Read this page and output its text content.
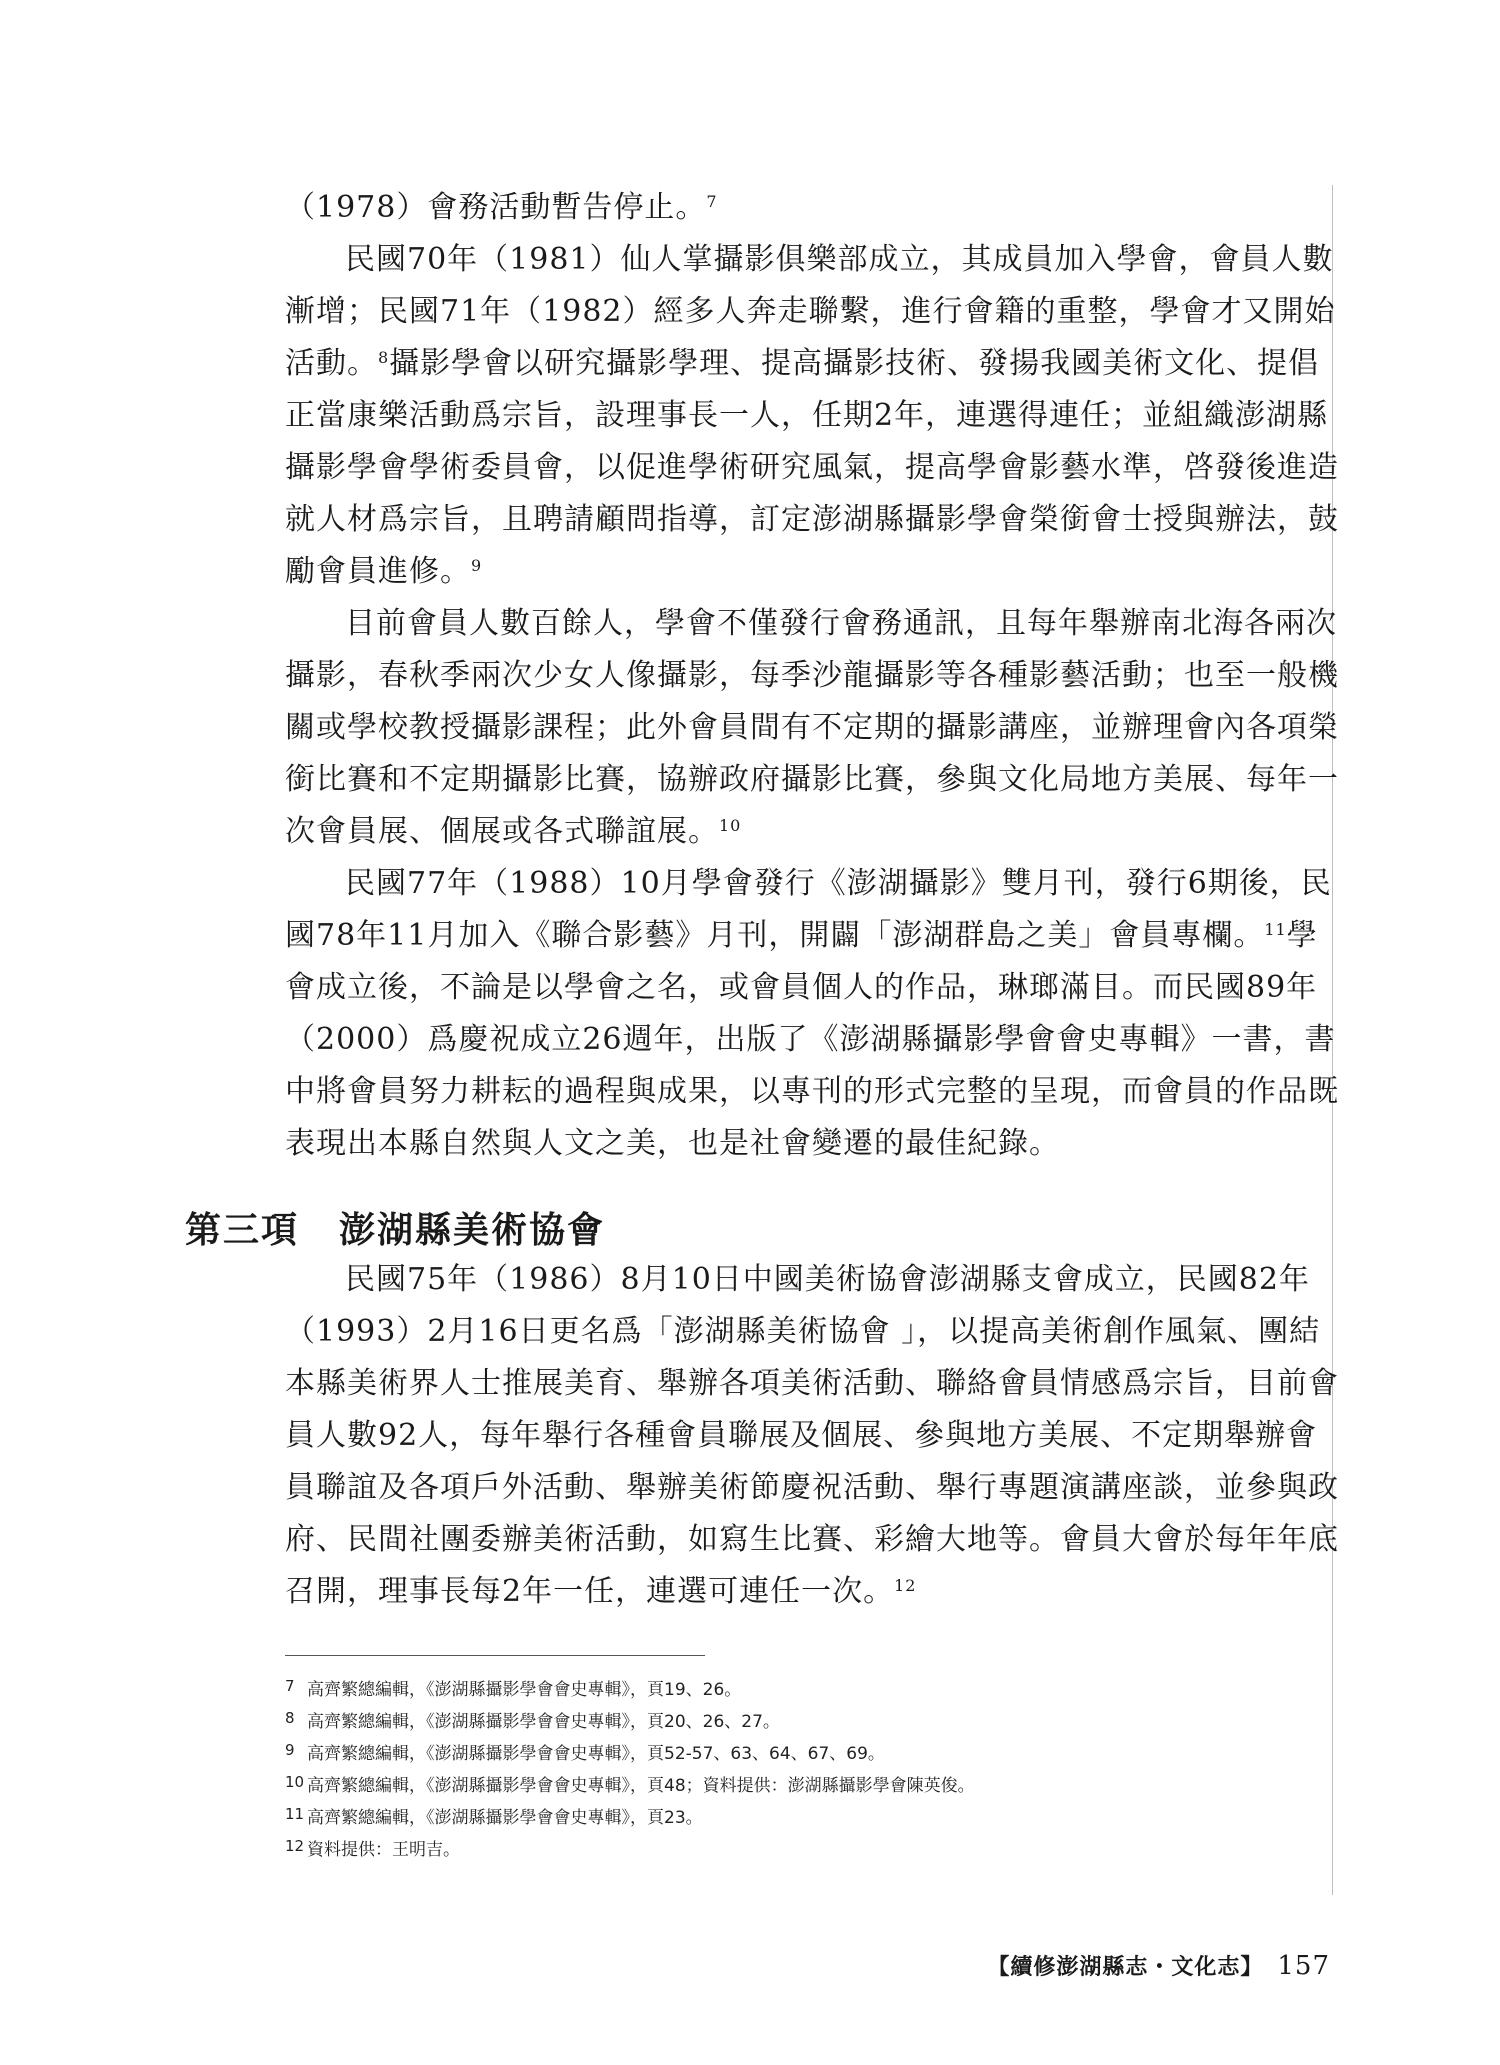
（1978）會務活動暫告停止。$^7$
民國70年（1981）仙人掌攝影俱樂部成立，其成員加入學會，會員人數
漸增；民國71年（1982）經多人奔走聯繫，進行會籍的重整，學會才又開始
活動。$^8$攝影學會以研究攝影學理、提高攝影技術、發揚我國美術文化、提倡
正當康樂活動爲宗旨，設理事長一人，任期2年，連選得連任；並組織澎湖縣
攝影學會學術委員會，以促進學術研究風氣，提高學會影藝水準，啓發後進造
就人材爲宗旨，且聘請顧問指導，訂定澎湖縣攝影學會榮銜會士授與辦法，鼓
勵會員進修。$^9$
目前會員人數百餘人，學會不僅發行會務通訊，且每年舉辦南北海各兩次
攝影，春秋季兩次少女人像攝影，每季沙龍攝影等各種影藝活動；也至一般機
關或學校教授攝影課程；此外會員間有不定期的攝影講座，並辦理會內各項榮
銜比賽和不定期攝影比賽，協辦政府攝影比賽，參與文化局地方美展、每年一
次會員展、個展或各式聯誼展。$^{10}$
民國77年（1988）10月學會發行《澎湖攝影》雙月刊，發行6期後，民
國78年11月加入《聯合影藝》月刊，開闢「澎湖群島之美」會員專欄。$^{11}$學
會成立後，不論是以學會之名，或會員個人的作品，琳瑯滿目。而民國89年
（2000）爲慶祝成立26週年，出版了《澎湖縣攝影學會會史專輯》一書，書
中將會員努力耕耘的過程與成果，以專刊的形式完整的呈現，而會員的作品既
表現出本縣自然與人文之美，也是社會變遷的最佳紀錄。
第三項 澎湖縣美術協會
民國75年（1986）8月10日中國美術協會澎湖縣支會成立，民國82年
（1993）2月16日更名爲「澎湖縣美術協會 」，以提高美術創作風氣、團結
本縣美術界人士推展美育、舉辦各項美術活動、聯絡會員情感爲宗旨，目前會
員人數92人，每年舉行各種會員聯展及個展、參與地方美展、不定期舉辦會
員聯誼及各項戶外活動、舉辦美術節慶祝活動、舉行專題演講座談，並參與政
府、民間社團委辦美術活動，如寫生比賽、彩繪大地等。會員大會於每年年底
召開，理事長每2年一任，連選可連任一次。$^{12}$
7 高齊繁總編輯，《澎湖縣攝影學會會史專輯》，頁19、26。
8 高齊繁總編輯，《澎湖縣攝影學會會史專輯》，頁20、26、27。
9 高齊繁總編輯，《澎湖縣攝影學會會史專輯》，頁52-57、63、64、67、69。
10 高齊繁總編輯，《澎湖縣攝影學會會史專輯》，頁48；資料提供：澎湖縣攝影學會陳英俊。
11 高齊繁總編輯，《澎湖縣攝影學會會史專輯》，頁23。
12 資料提供：王明吉。
【續修澎湖縣志・文化志】 157
